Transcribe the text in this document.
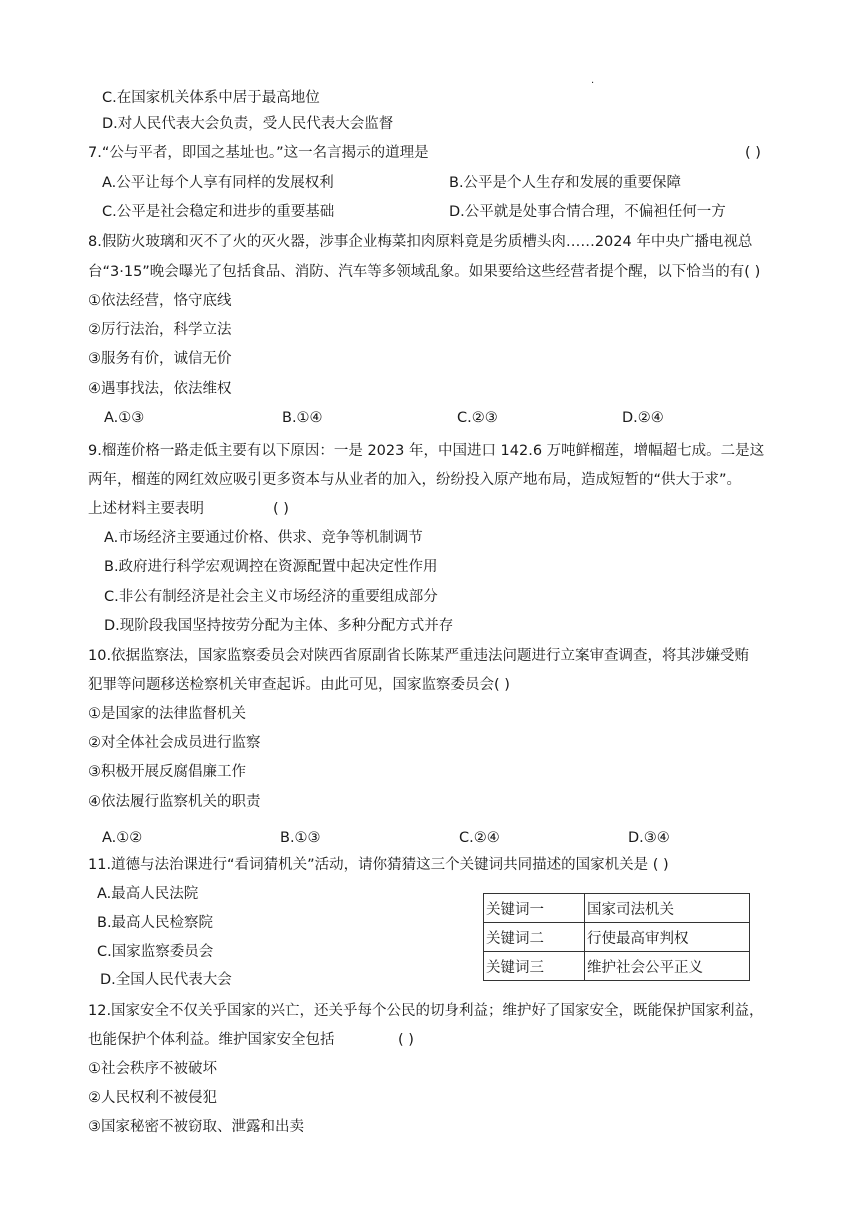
.
C.在国家机关体系中居于最高地位
D.对人民代表大会负责，受人民代表大会监督
7.“公与平者，即国之基址也。”这一名言揭示的道理是	( )
A.公平让每个人享有同样的发展权利	B.公平是个人生存和发展的重要保障
C.公平是社会稳定和进步的重要基础	D.公平就是处事合情合理，不偏袒任何一方
8.假防火玻璃和灭不了火的灭火器，涉事企业梅菜扣肉原料竟是劣质槽头肉……2024 年中央广播电视总
台“3·15”晚会曝光了包括食品、消防、汽车等多领域乱象。如果要给这些经营者提个醒，以下恰当的有( )
①依法经营，恪守底线
②厉行法治，科学立法
③服务有价，诚信无价
④遇事找法，依法维权
A.①③	B.①④	C.②③	D.②④
9.榴莲价格一路走低主要有以下原因：一是 2023 年，中国进口 142.6 万吨鲜榴莲，增幅超七成。二是这
两年，榴莲的网红效应吸引更多资本与从业者的加入，纷纷投入原产地布局，造成短暂的“供大于求”。
上述材料主要表明	( )
A.市场经济主要通过价格、供求、竞争等机制调节
B.政府进行科学宏观调控在资源配置中起决定性作用
C.非公有制经济是社会主义市场经济的重要组成部分
D.现阶段我国坚持按劳分配为主体、多种分配方式并存
10.依据监察法，国家监察委员会对陕西省原副省长陈某严重违法问题进行立案审查调查，将其涉嫌受贿
犯罪等问题移送检察机关审查起诉。由此可见，国家监察委员会( )
①是国家的法律监督机关
②对全体社会成员进行监察
③积极开展反腐倡廉工作
④依法履行监察机关的职责
A.①②	B.①③	C.②④	D.③④
11.道德与法治课进行“看词猜机关”活动，请你猜猜这三个关键词共同描述的国家机关是 ( )
A.最高人民法院
B.最高人民检察院
C.国家监察委员会
D.全国人民代表大会
关键词一	国家司法机关
关键词二	行使最高审判权
关键词三	维护社会公平正义
12.国家安全不仅关乎国家的兴亡，还关乎每个公民的切身利益；维护好了国家安全，既能保护国家利益，
也能保护个体利益。维护国家安全包括	( )
①社会秩序不被破坏
②人民权利不被侵犯
③国家秘密不被窃取、泄露和出卖
